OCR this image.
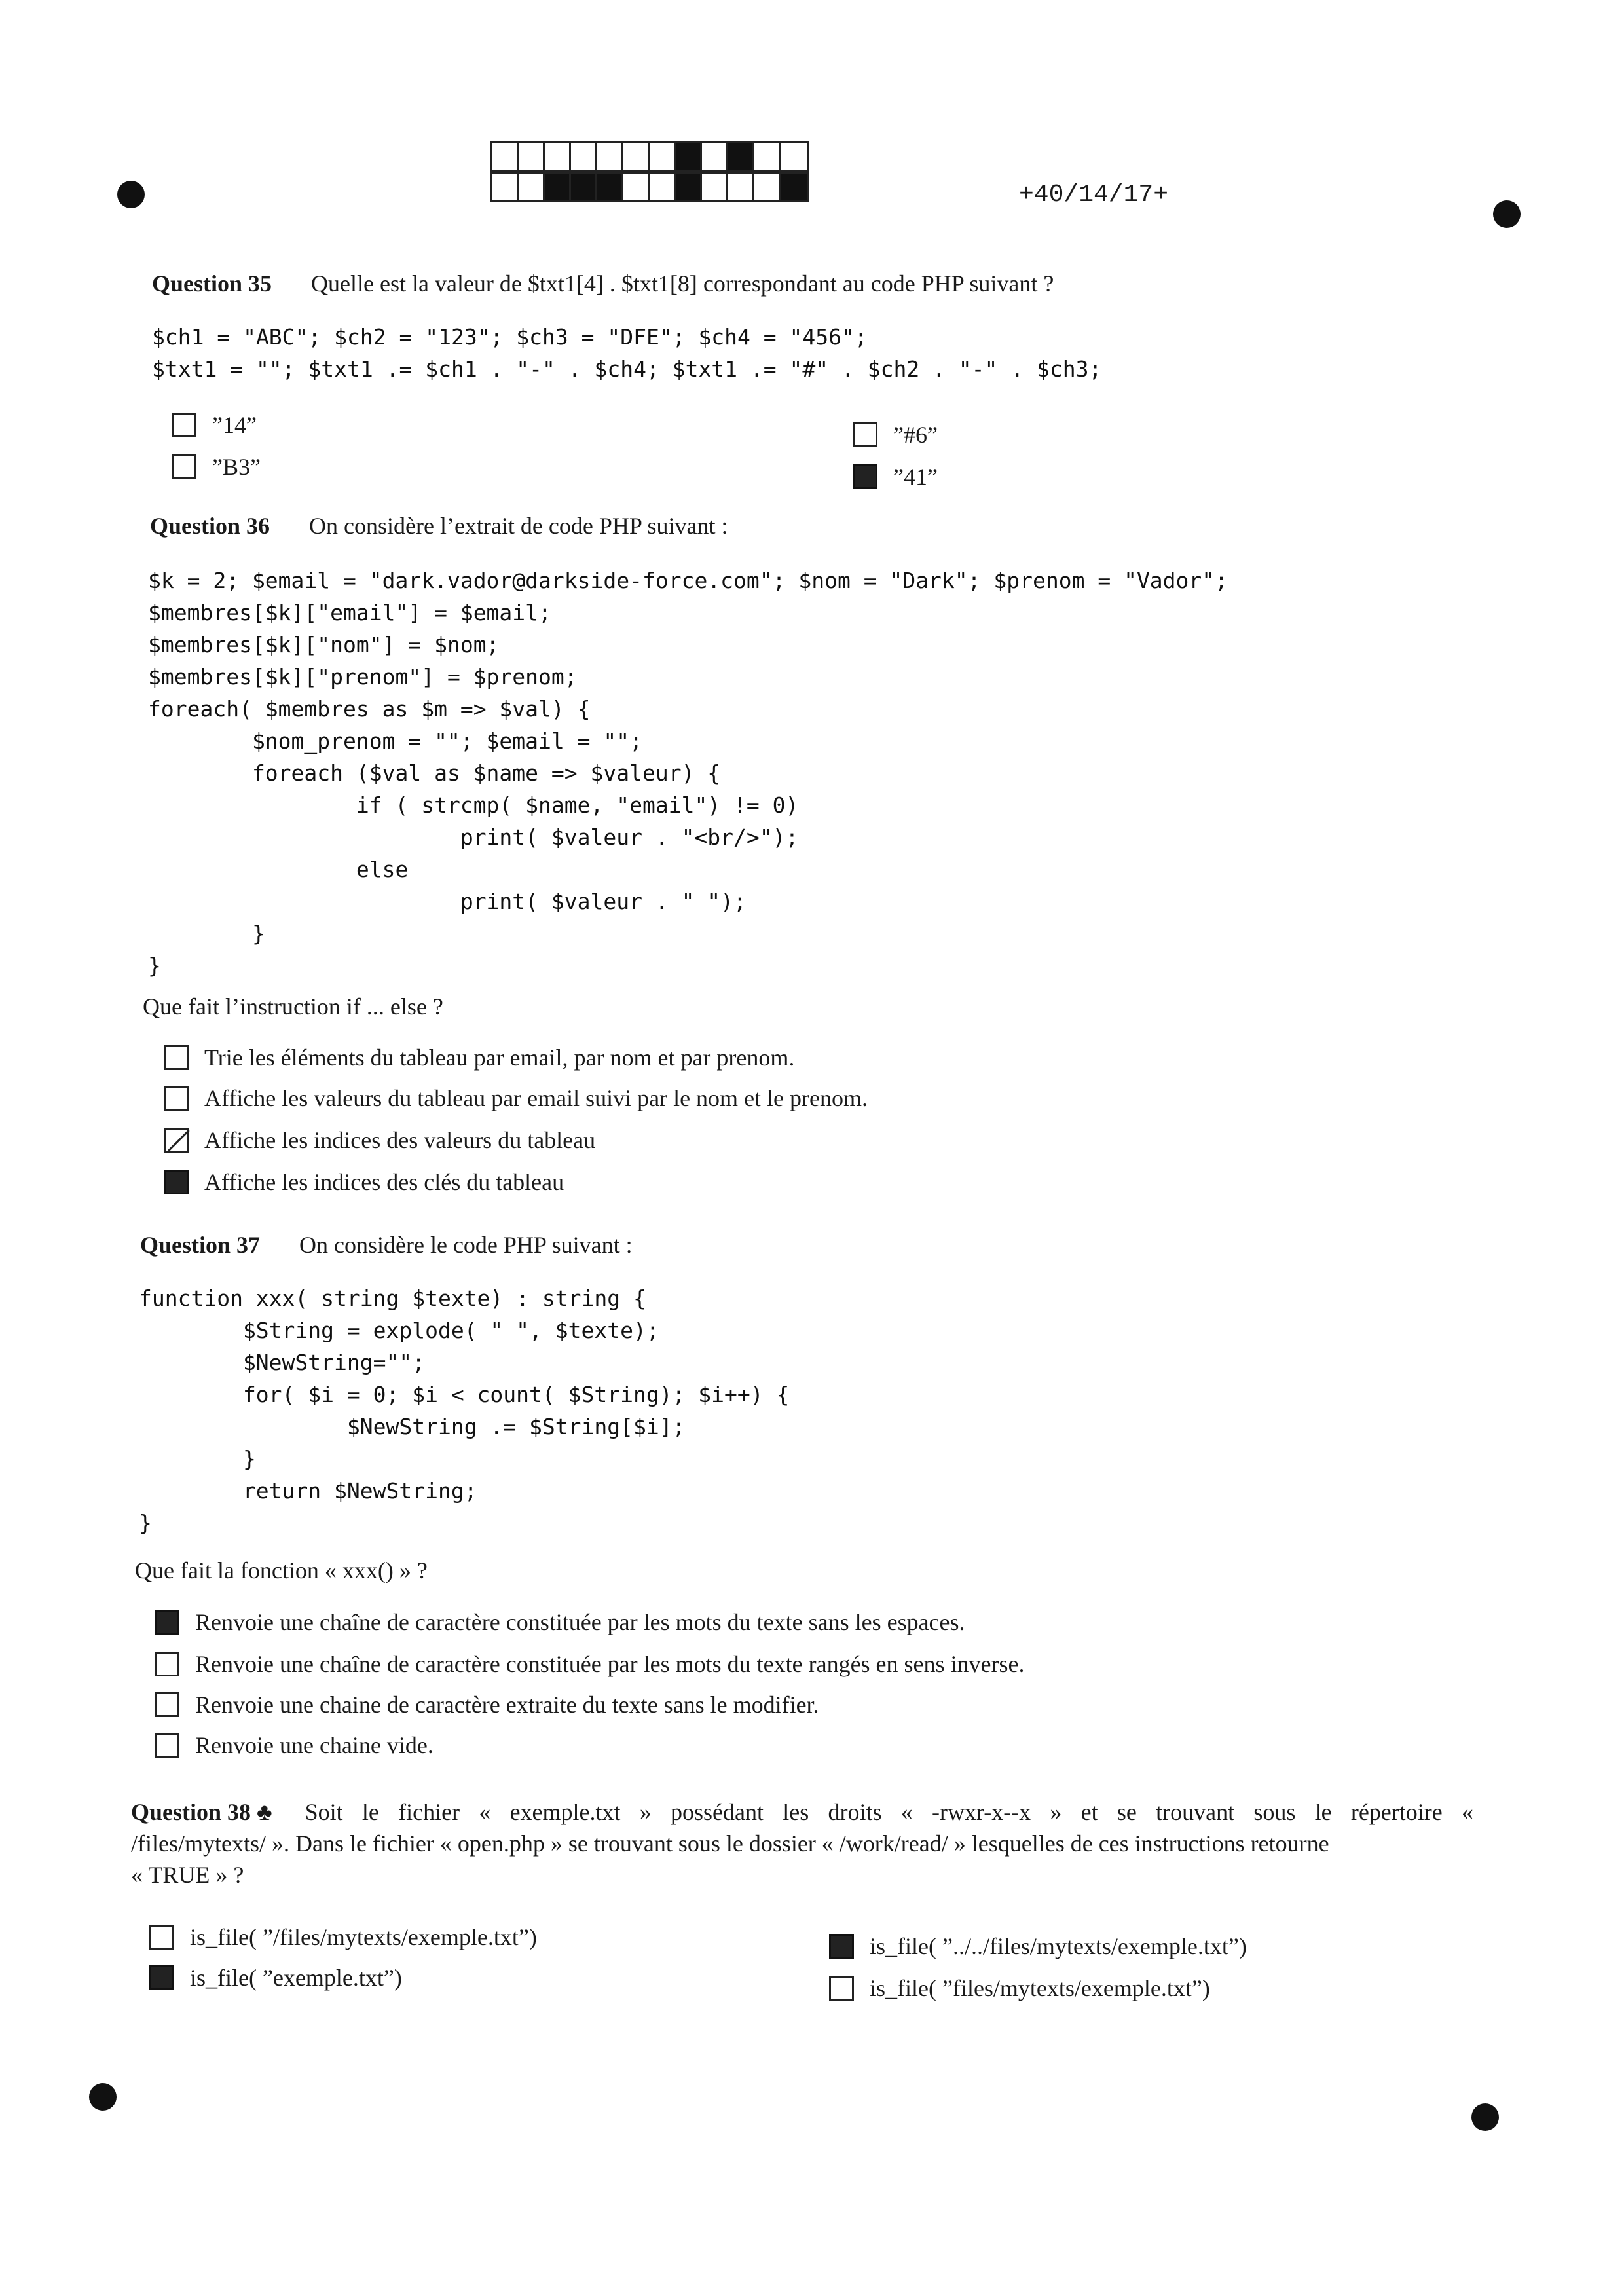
+40/14/17+
Question 35 Quelle est la valeur de $txt1[4] . $txt1[8] correspondant au code PHP suivant ?
$ch1 = "ABC"; $ch2 = "123"; $ch3 = "DFE"; $ch4 = "456";
$txt1 = ""; $txt1 .= $ch1 . "-" . $ch4; $txt1 .= "#" . $ch2 . "-" . $ch3;
”14”
”B3”
”#6”
”41”
Question 36 On considère l’extrait de code PHP suivant :
$k = 2; $email = "dark.vador@darkside-force.com"; $nom = "Dark"; $prenom = "Vador";
$membres[$k]["email"] = $email;
$membres[$k]["nom"] = $nom;
$membres[$k]["prenom"] = $prenom;
foreach( $membres as $m => $val) {
$nom_prenom = ""; $email = "";
foreach ($val as $name => $valeur) {
if ( strcmp( $name, "email") != 0)
print( $valeur . "<br/>");
else
print( $valeur . " ");
}
}
Que fait l’instruction if ... else ?
Trie les éléments du tableau par email, par nom et par prenom.
Affiche les valeurs du tableau par email suivi par le nom et le prenom.
Affiche les indices des valeurs du tableau
Affiche les indices des clés du tableau
Question 37 On considère le code PHP suivant :
function xxx( string $texte) : string {
$String = explode( " ", $texte);
$NewString="";
for( $i = 0; $i < count( $String); $i++) {
$NewString .= $String[$i];
}
return $NewString;
}
Que fait la fonction « xxx() » ?
Renvoie une chaîne de caractère constituée par les mots du texte sans les espaces.
Renvoie une chaîne de caractère constituée par les mots du texte rangés en sens inverse.
Renvoie une chaine de caractère extraite du texte sans le modifier.
Renvoie une chaine vide.
Question 38 ♣ Soit le fichier « exemple.txt » possédant les droits « -rwxr-x--x » et se trouvant sous le répertoire «
/files/mytexts/ ». Dans le fichier « open.php » se trouvant sous le dossier « /work/read/ » lesquelles de ces instructions retourne
« TRUE » ?
is_file( ”/files/mytexts/exemple.txt”)
is_file( ”exemple.txt”)
is_file( ”../../files/mytexts/exemple.txt”)
is_file( ”files/mytexts/exemple.txt”)
